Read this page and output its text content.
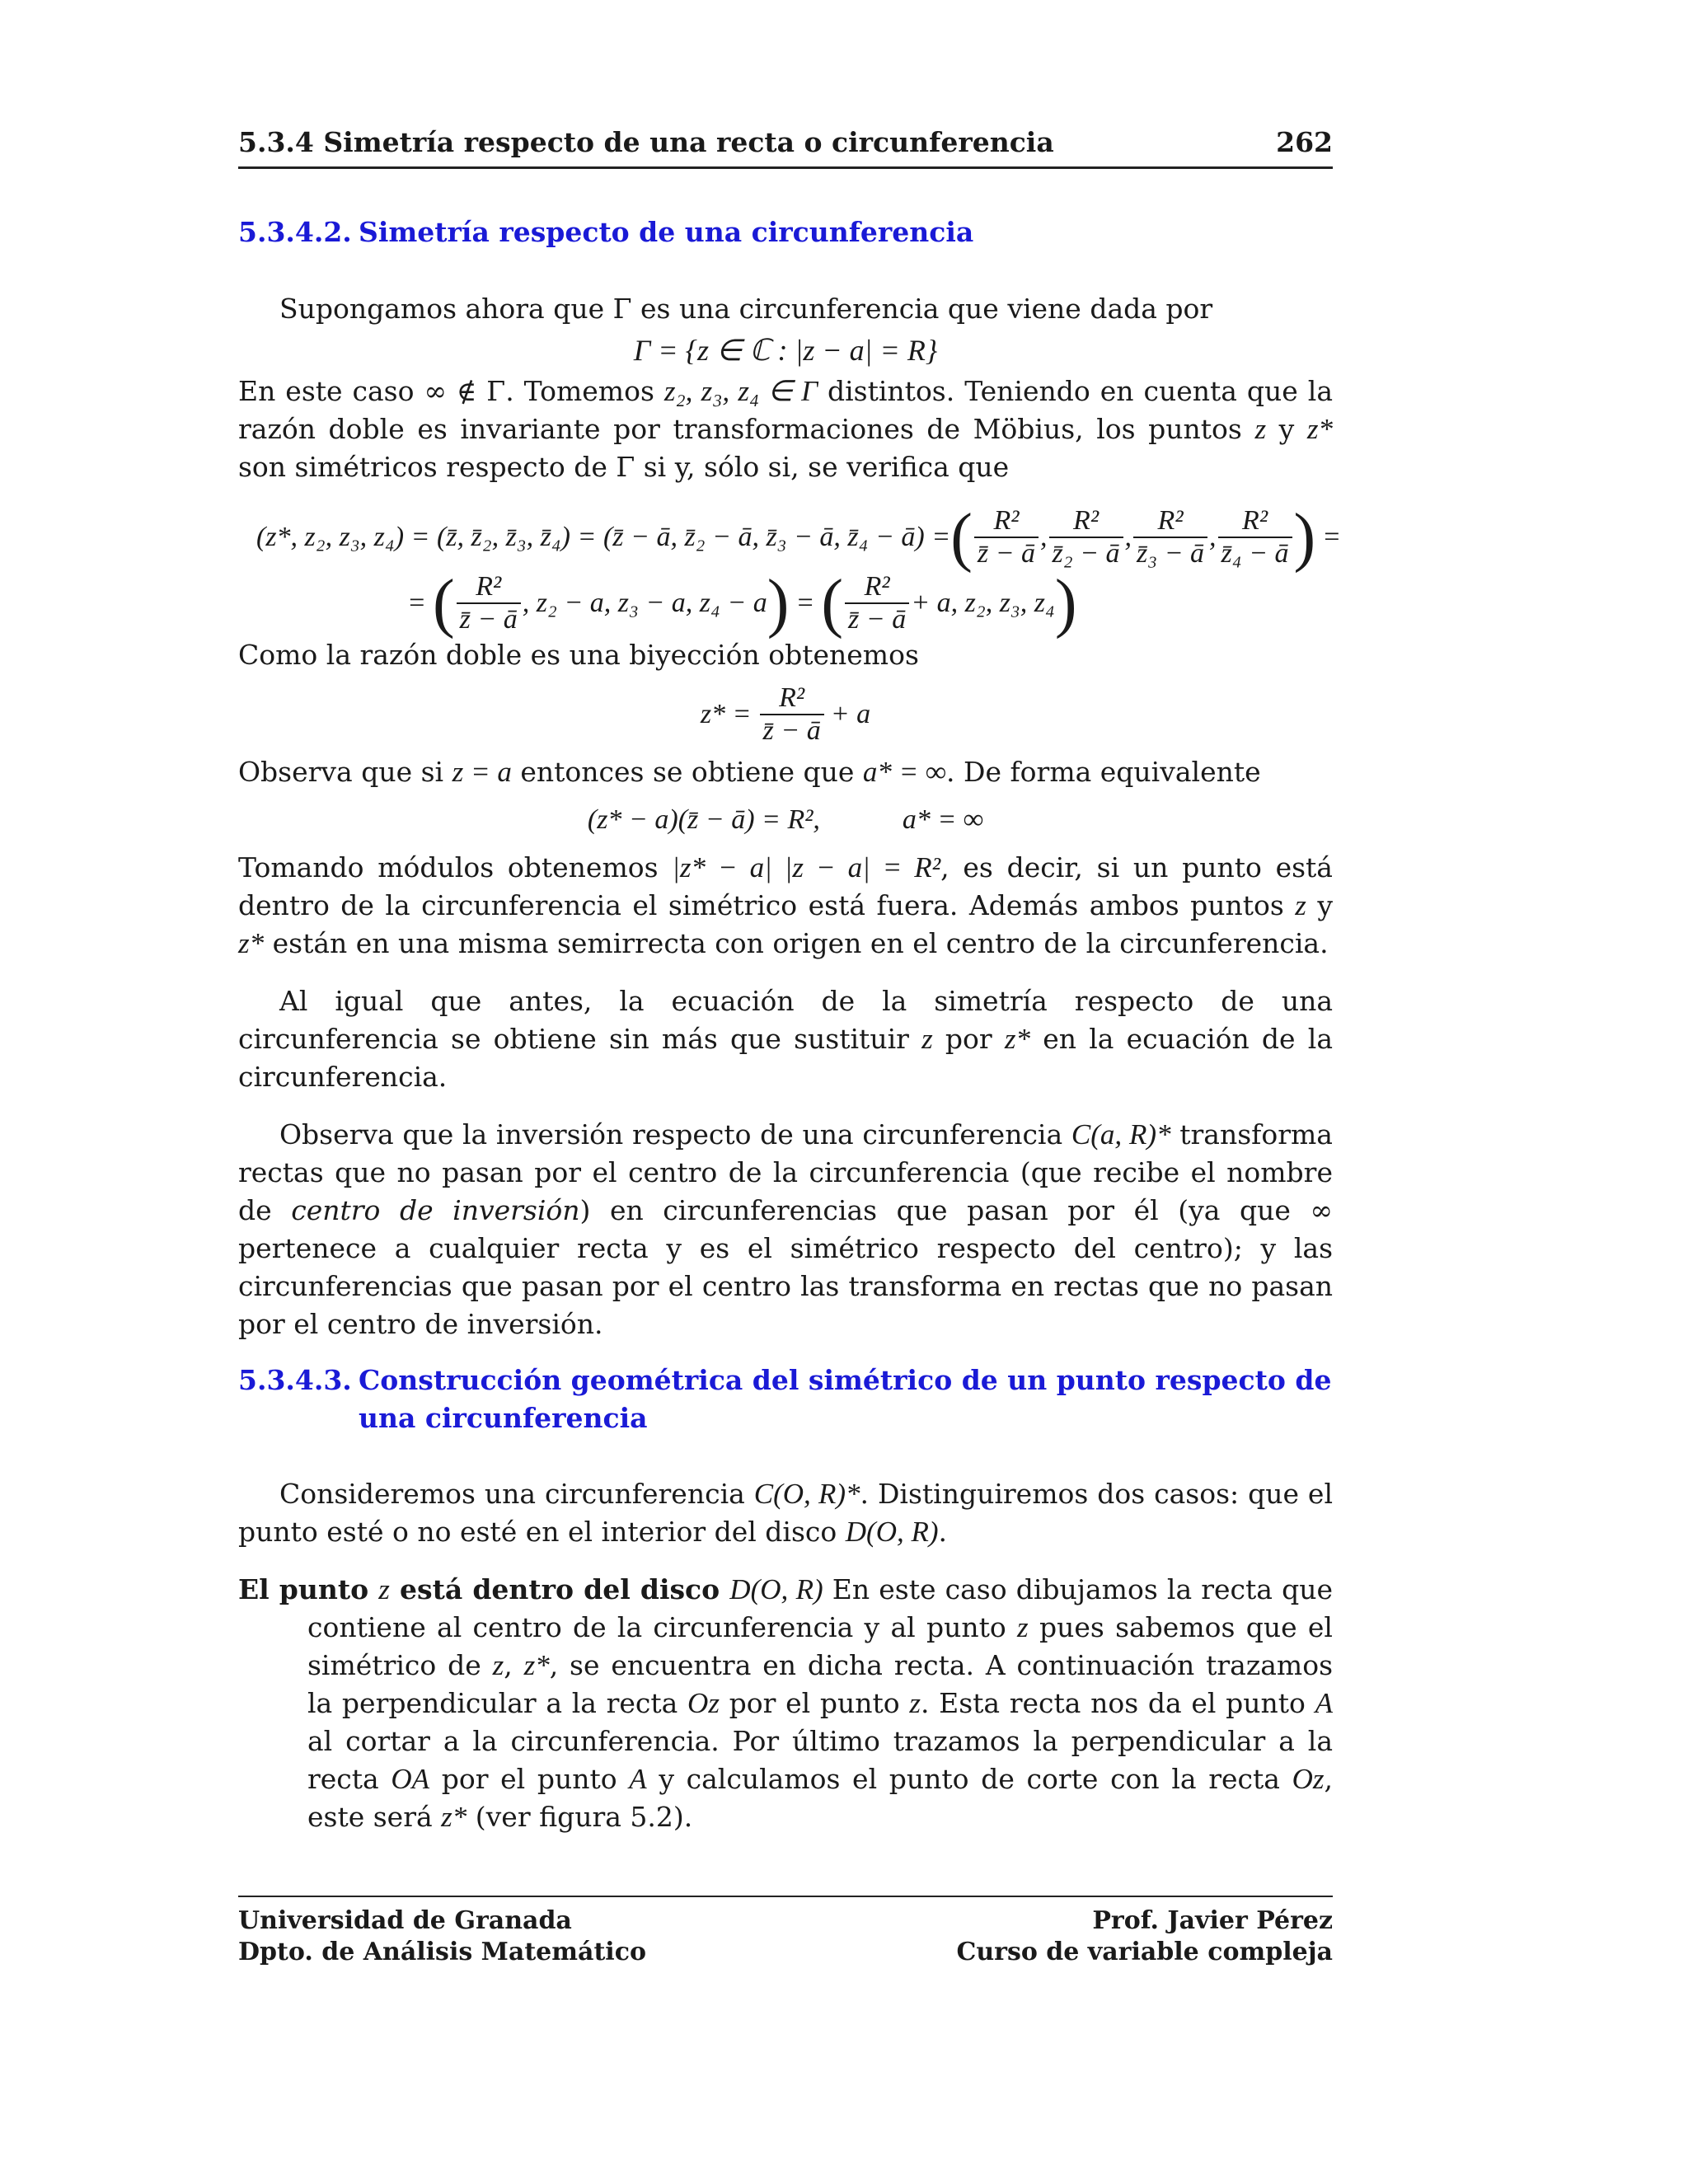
5.3.4 Simetría respecto de una recta o circunferencia	262
5.3.4.2. Simetría respecto de una circunferencia

Supongamos ahora que Γ es una circunferencia que viene dada por

Γ = {z ∈ ℂ : |z − a| = R}

En este caso ∞ ∉ Γ. Tomemos z₂, z₃, z₄ ∈ Γ distintos. Teniendo en cuenta que la razón doble es invariante por transformaciones de Möbius, los puntos z y z* son simétricos respecto de Γ si y, sólo si, se verifica que

(z*, z₂, z₃, z₄) = (z̄, z̄₂, z̄₃, z̄₄) = (z̄ − ā, z̄₂ − ā, z̄₃ − ā, z̄₄ − ā) = ( $\frac{\text{R²}}{z̄ - ā}$ , $\frac{\text{R²}}{\text{z̄₂ − ā}}$ , $\frac{\text{R²}}{\text{z̄₃ − ā}}$ , $\frac{\text{R²}}{\text{z̄₄ − ā}}$ ) =
= ( $\frac{\text{R²}}{z̄ - ā}$ , z₂ − a, z₃ − a, z₄ − a ) = ( $\frac{\text{R²}}{z̄ - ā} + a$, z₂, z₃, z₄ )

Como la razón doble es una biyección obtenemos

$z* = \frac{\text{R²}}{z̄ - ā} + a$

Observa que si z = a entonces se obtiene que a* = ∞. De forma equivalente

(z* − a)(z̄ − ā) = R²,	a* = ∞

Tomando módulos obtenemos |z* − a| |z − a| = R², es decir, si un punto está dentro de la circunferencia el simétrico está fuera. Además ambos puntos z y z* están en una misma semirrecta con origen en el centro de la circunferencia.

Al igual que antes, la ecuación de la simetría respecto de una circunferencia se obtiene sin más que sustituir z por z* en la ecuación de la circunferencia.

Observa que la inversión respecto de una circunferencia C(a, R)* transforma rectas que no pasan por el centro de la circunferencia (que recibe el nombre de centro de inversión) en circunferencias que pasan por él (ya que ∞ pertenece a cualquier recta y es el simétrico respecto del centro); y las circunferencias que pasan por el centro las transforma en rectas que no pasan por el centro de inversión.

5.3.4.3. Construcción geométrica del simétrico de un punto respecto de una circunferencia

Consideremos una circunferencia C(O, R)*. Distinguiremos dos casos: que el punto esté o no esté en el interior del disco D(O, R).

El punto z está dentro del disco D(O, R) En este caso dibujamos la recta que contiene al centro de la circunferencia y al punto z pues sabemos que el simétrico de z, z*, se encuentra en dicha recta. A continuación trazamos la perpendicular a la recta Oz por el punto z. Esta recta nos da el punto A al cortar a la circunferencia. Por último trazamos la perpendicular a la recta OA por el punto A y calculamos el punto de corte con la recta Oz, este será z* (ver figura 5.2).

Universidad de Granada
Dpto. de Análisis Matemático
Prof. Javier Pérez
Curso de variable compleja
